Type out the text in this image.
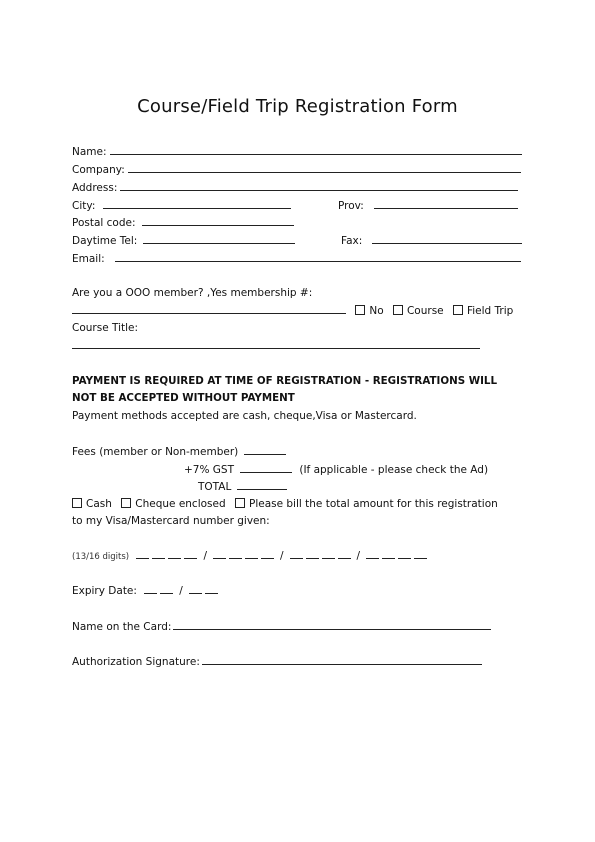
Course/Field Trip Registration Form
Name:
Company:
Address:
City:	Prov:
Postal code:
Daytime Tel:	Fax:
Email:
Are you a OOO member? ,Yes membership #:
No Course Field Trip
Course Title:
PAYMENT IS REQUIRED AT TIME OF REGISTRATION - REGISTRATIONS WILL
NOT BE ACCEPTED WITHOUT PAYMENT
Payment methods accepted are cash, cheque,Visa or Mastercard.
Fees (member or Non-member)
+7% GST	(If applicable - please check the Ad)
TOTAL
Cash Cheque enclosed Please bill the total amount for this registration
to my Visa/Mastercard number given:
(13/16 digits)	/	/	/
Expiry Date:	/
Name on the Card:
Authorization Signature:
